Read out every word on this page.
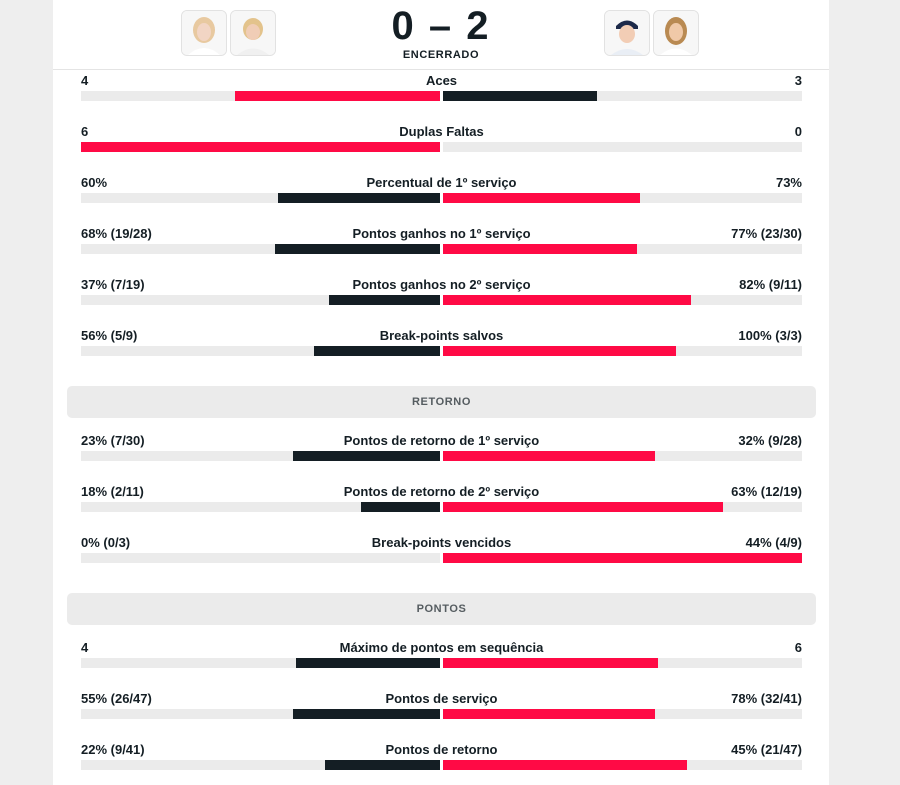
0 – 2
ENCERRADO
Aces
4	3
Duplas Faltas
6	0
Percentual de 1º serviço
60%	73%
Pontos ganhos no 1º serviço
68% (19/28)	77% (23/30)
Pontos ganhos no 2º serviço
37% (7/19)	82% (9/11)
Break-points salvos
56% (5/9)	100% (3/3)
RETORNO
Pontos de retorno de 1º serviço
23% (7/30)	32% (9/28)
Pontos de retorno de 2º serviço
18% (2/11)	63% (12/19)
Break-points vencidos
0% (0/3)	44% (4/9)
PONTOS
Máximo de pontos em sequência
4	6
Pontos de serviço
55% (26/47)	78% (32/41)
Pontos de retorno
22% (9/41)	45% (21/47)
